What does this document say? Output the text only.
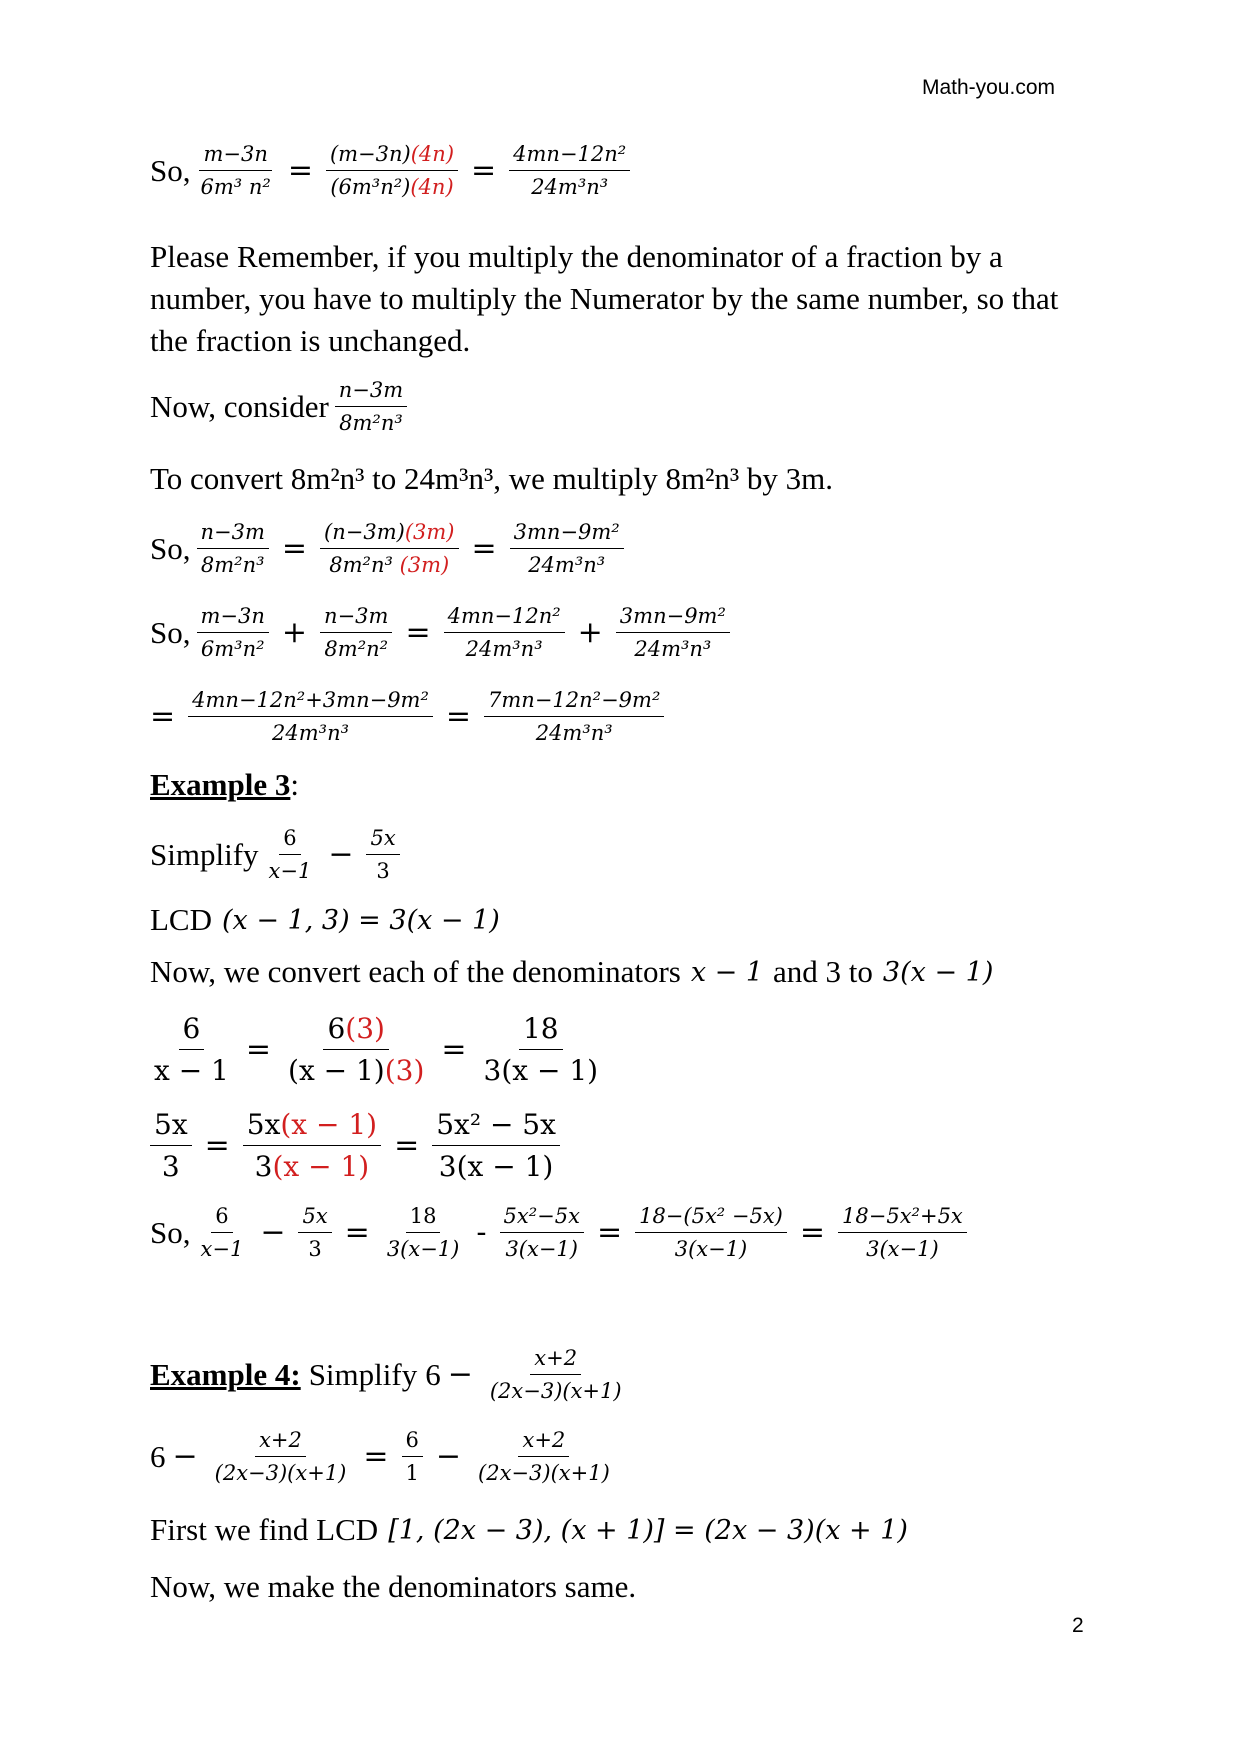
Math-you.com
So, $\frac{m-3n}{\text{6m³ n²}} = \frac{(m-3n)(4n)}{\text{(6m³n²)(4n)}} = \frac{\text{4mn−12n²}}{\text{24m³n³}}$
Please Remember, if you multiply the denominator of a fraction by a number, you have to multiply the Numerator by the same number, so that the fraction is unchanged.
Now, consider $\frac{n-3m}{\text{8m²n³}}$
To convert 8m²n³ to 24m³n³, we multiply 8m²n³ by 3m.
So, $\frac{n-3m}{\text{8m²n³}} = \frac{(n-3m)(3m)}{\text{8m²n³ (3m)}} = \frac{\text{3mn−9m²}}{\text{24m³n³}}$
So, $\frac{m-3n}{\text{6m³n²}} + \frac{n-3m}{\text{8m²n²}} = \frac{\text{4mn−12n²}}{\text{24m³n³}} + \frac{\text{3mn−9m²}}{\text{24m³n³}}$
= $\frac{\text{4mn−12n²+3mn−9m²}}{\text{24m³n³}} = \frac{\text{7mn−12n²−9m²}}{\text{24m³n³}}$
Example 3:
Simplify $\frac{6}{x-1} - \frac{5x}{3}$
LCD (x − 1, 3) = 3(x − 1)
Now, we convert each of the denominators x − 1 and 3 to 3(x − 1)
$\frac{6}{x - 1} = \frac{6(3)}{(x - 1)(3)} = \frac{18}{3(x - 1)}$
$\frac{5x}{3} = \frac{5x(x - 1)}{3(x - 1)} = \frac{\text{5x² − 5x}}{3(x - 1)}$
So, $\frac{6}{x-1} - \frac{5x}{3} = \frac{18}{3(x-1)} - \frac{\text{5x²−5x}}{3(x-1)} = \frac{\text{18−(5x² −5x)}}{3(x-1)} = \frac{\text{18−5x²+5x}}{3(x-1)}$
Example 4: Simplify $6 - \frac{x+2}{(2x-3)(x+1)}$
$6 - \frac{x+2}{(2x-3)(x+1)} = \frac{6}{1} - \frac{x+2}{(2x-3)(x+1)}$
First we find LCD [1, (2x − 3), (x + 1)] = (2x − 3)(x + 1)
Now, we make the denominators same.
2
